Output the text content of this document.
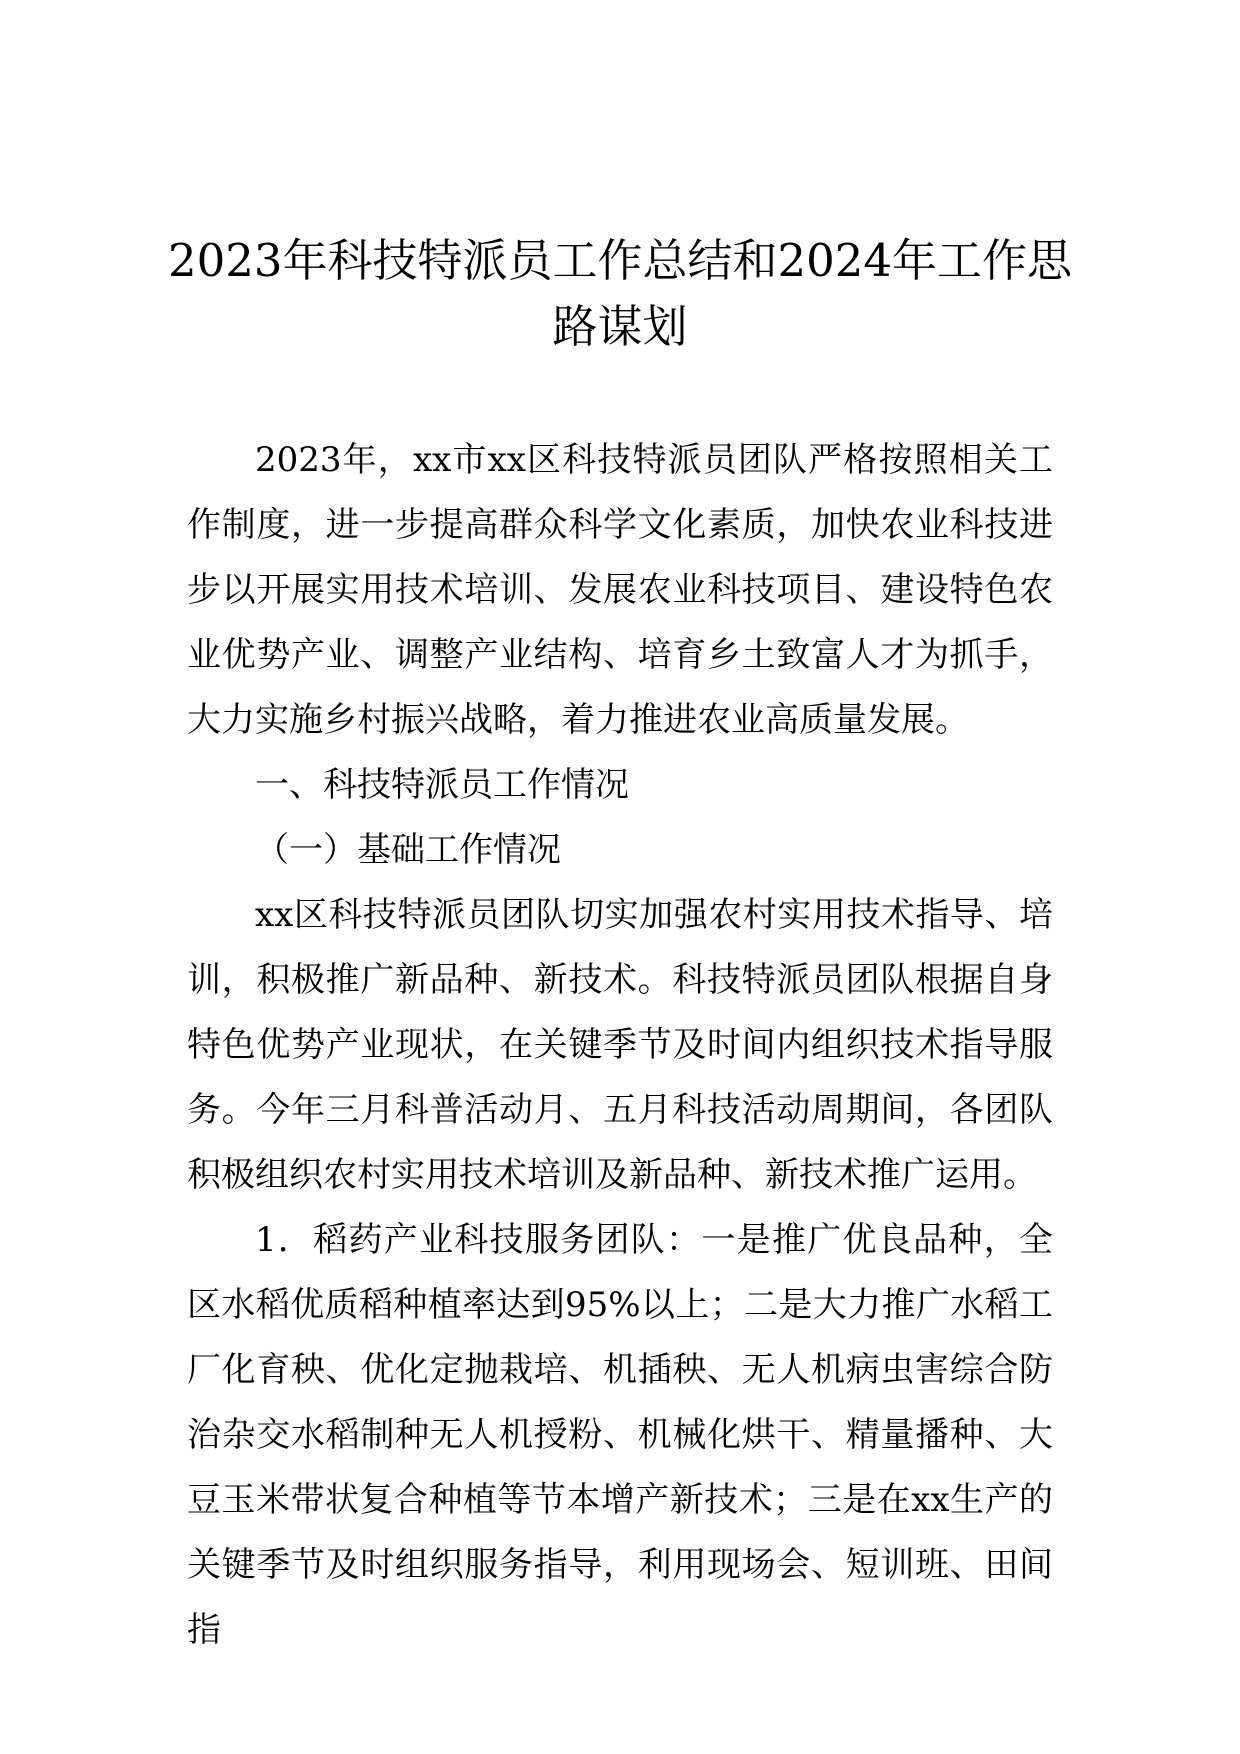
2023年科技特派员工作总结和2024年工作思路谋划

2023年，xx市xx区科技特派员团队严格按照相关工作制度，进一步提高群众科学文化素质，加快农业科技进步以开展实用技术培训、发展农业科技项目、建设特色农业优势产业、调整产业结构、培育乡土致富人才为抓手，大力实施乡村振兴战略，着力推进农业高质量发展。

一、科技特派员工作情况

（一）基础工作情况

xx区科技特派员团队切实加强农村实用技术指导、培训，积极推广新品种、新技术。科技特派员团队根据自身特色优势产业现状，在关键季节及时间内组织技术指导服务。今年三月科普活动月、五月科技活动周期间，各团队积极组织农村实用技术培训及新品种、新技术推广运用。

1．稻药产业科技服务团队：一是推广优良品种，全区水稻优质稻种植率达到95%以上；二是大力推广水稻工厂化育秧、优化定抛栽培、机插秧、无人机病虫害综合防治杂交水稻制种无人机授粉、机械化烘干、精量播种、大豆玉米带状复合种植等节本增产新技术；三是在xx生产的关键季节及时组织服务指导，利用现场会、短训班、田间指
